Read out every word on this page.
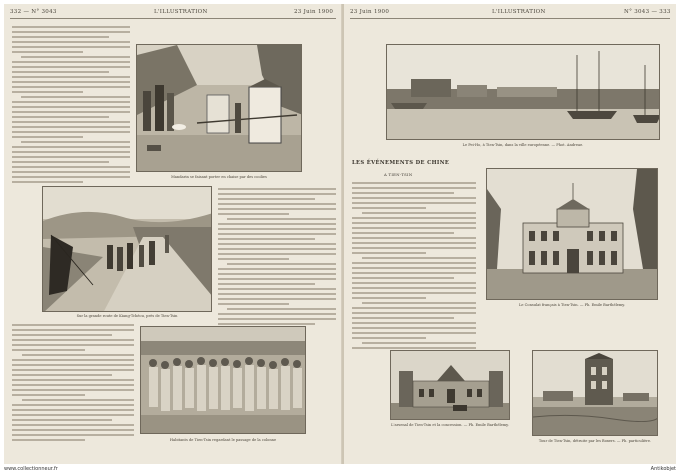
332 — N° 3043	L'ILLUSTRATION	23 Juin 1900
Mandarin se faisant porter en chaise par des coolies
Sur la grande route de Kiang-Tchéou, près de Tien-Tsin
Habitants de Tien-Tsin regardant le passage de la colonne
23 Juin 1900	L'ILLUSTRATION	N° 3043 — 333
Le Pei-Ho, à Tien-Tsin, dans la ville européenne. — Phot. Andreae.
LES ÉVÉNEMENTS DE CHINE
A TIEN-TSIN
Le Consulat français à Tien-Tsin. — Ph. Emile Barthélemy.
L'arsenal de Tien-Tsin et la concession. — Ph. Emile Barthélemy.
Tour de Tien-Tsin, détruite par les Boxers. — Ph. particulière.
www.collectionneur.fr	Antikobjet
